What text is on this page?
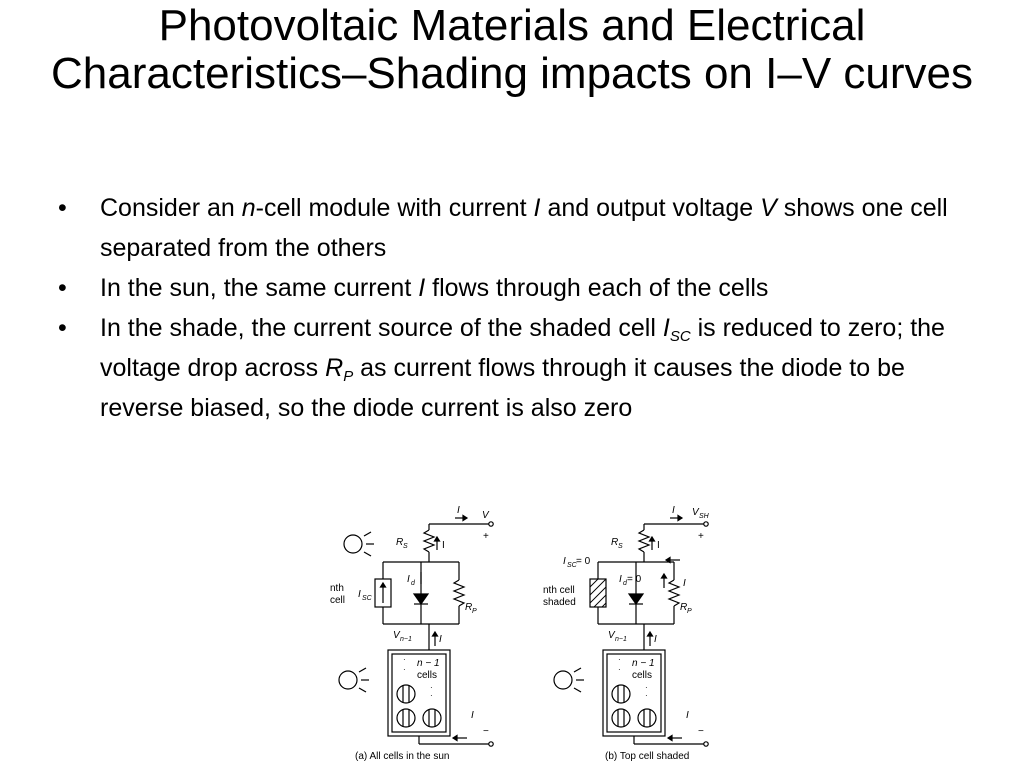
Photovoltaic Materials and Electrical Characteristics–Shading impacts on I–V curves
• Consider an n-cell module with current I and output voltage V shows one cell separated from the others
• In the sun, the same current I flows through each of the cells
• In the shade, the current source of the shaded cell $I_{SC}$ is reduced to zero; the voltage drop across $R_P$ as current flows through it causes the diode to be reverse biased, so the diode current is also zero
I V
+
R S	I
I SC
nth
cell
I d
R P
I
V n−1
·
·
n − 1
cells
·
·
I
−
(a) All cells in the sun
I V SH
+
R S	I
I SC = 0
nth cell
shaded
I d = 0	I
R P
I
V n−1
·
·
n − 1
cells
·
·
I
−
(b) Top cell shaded
